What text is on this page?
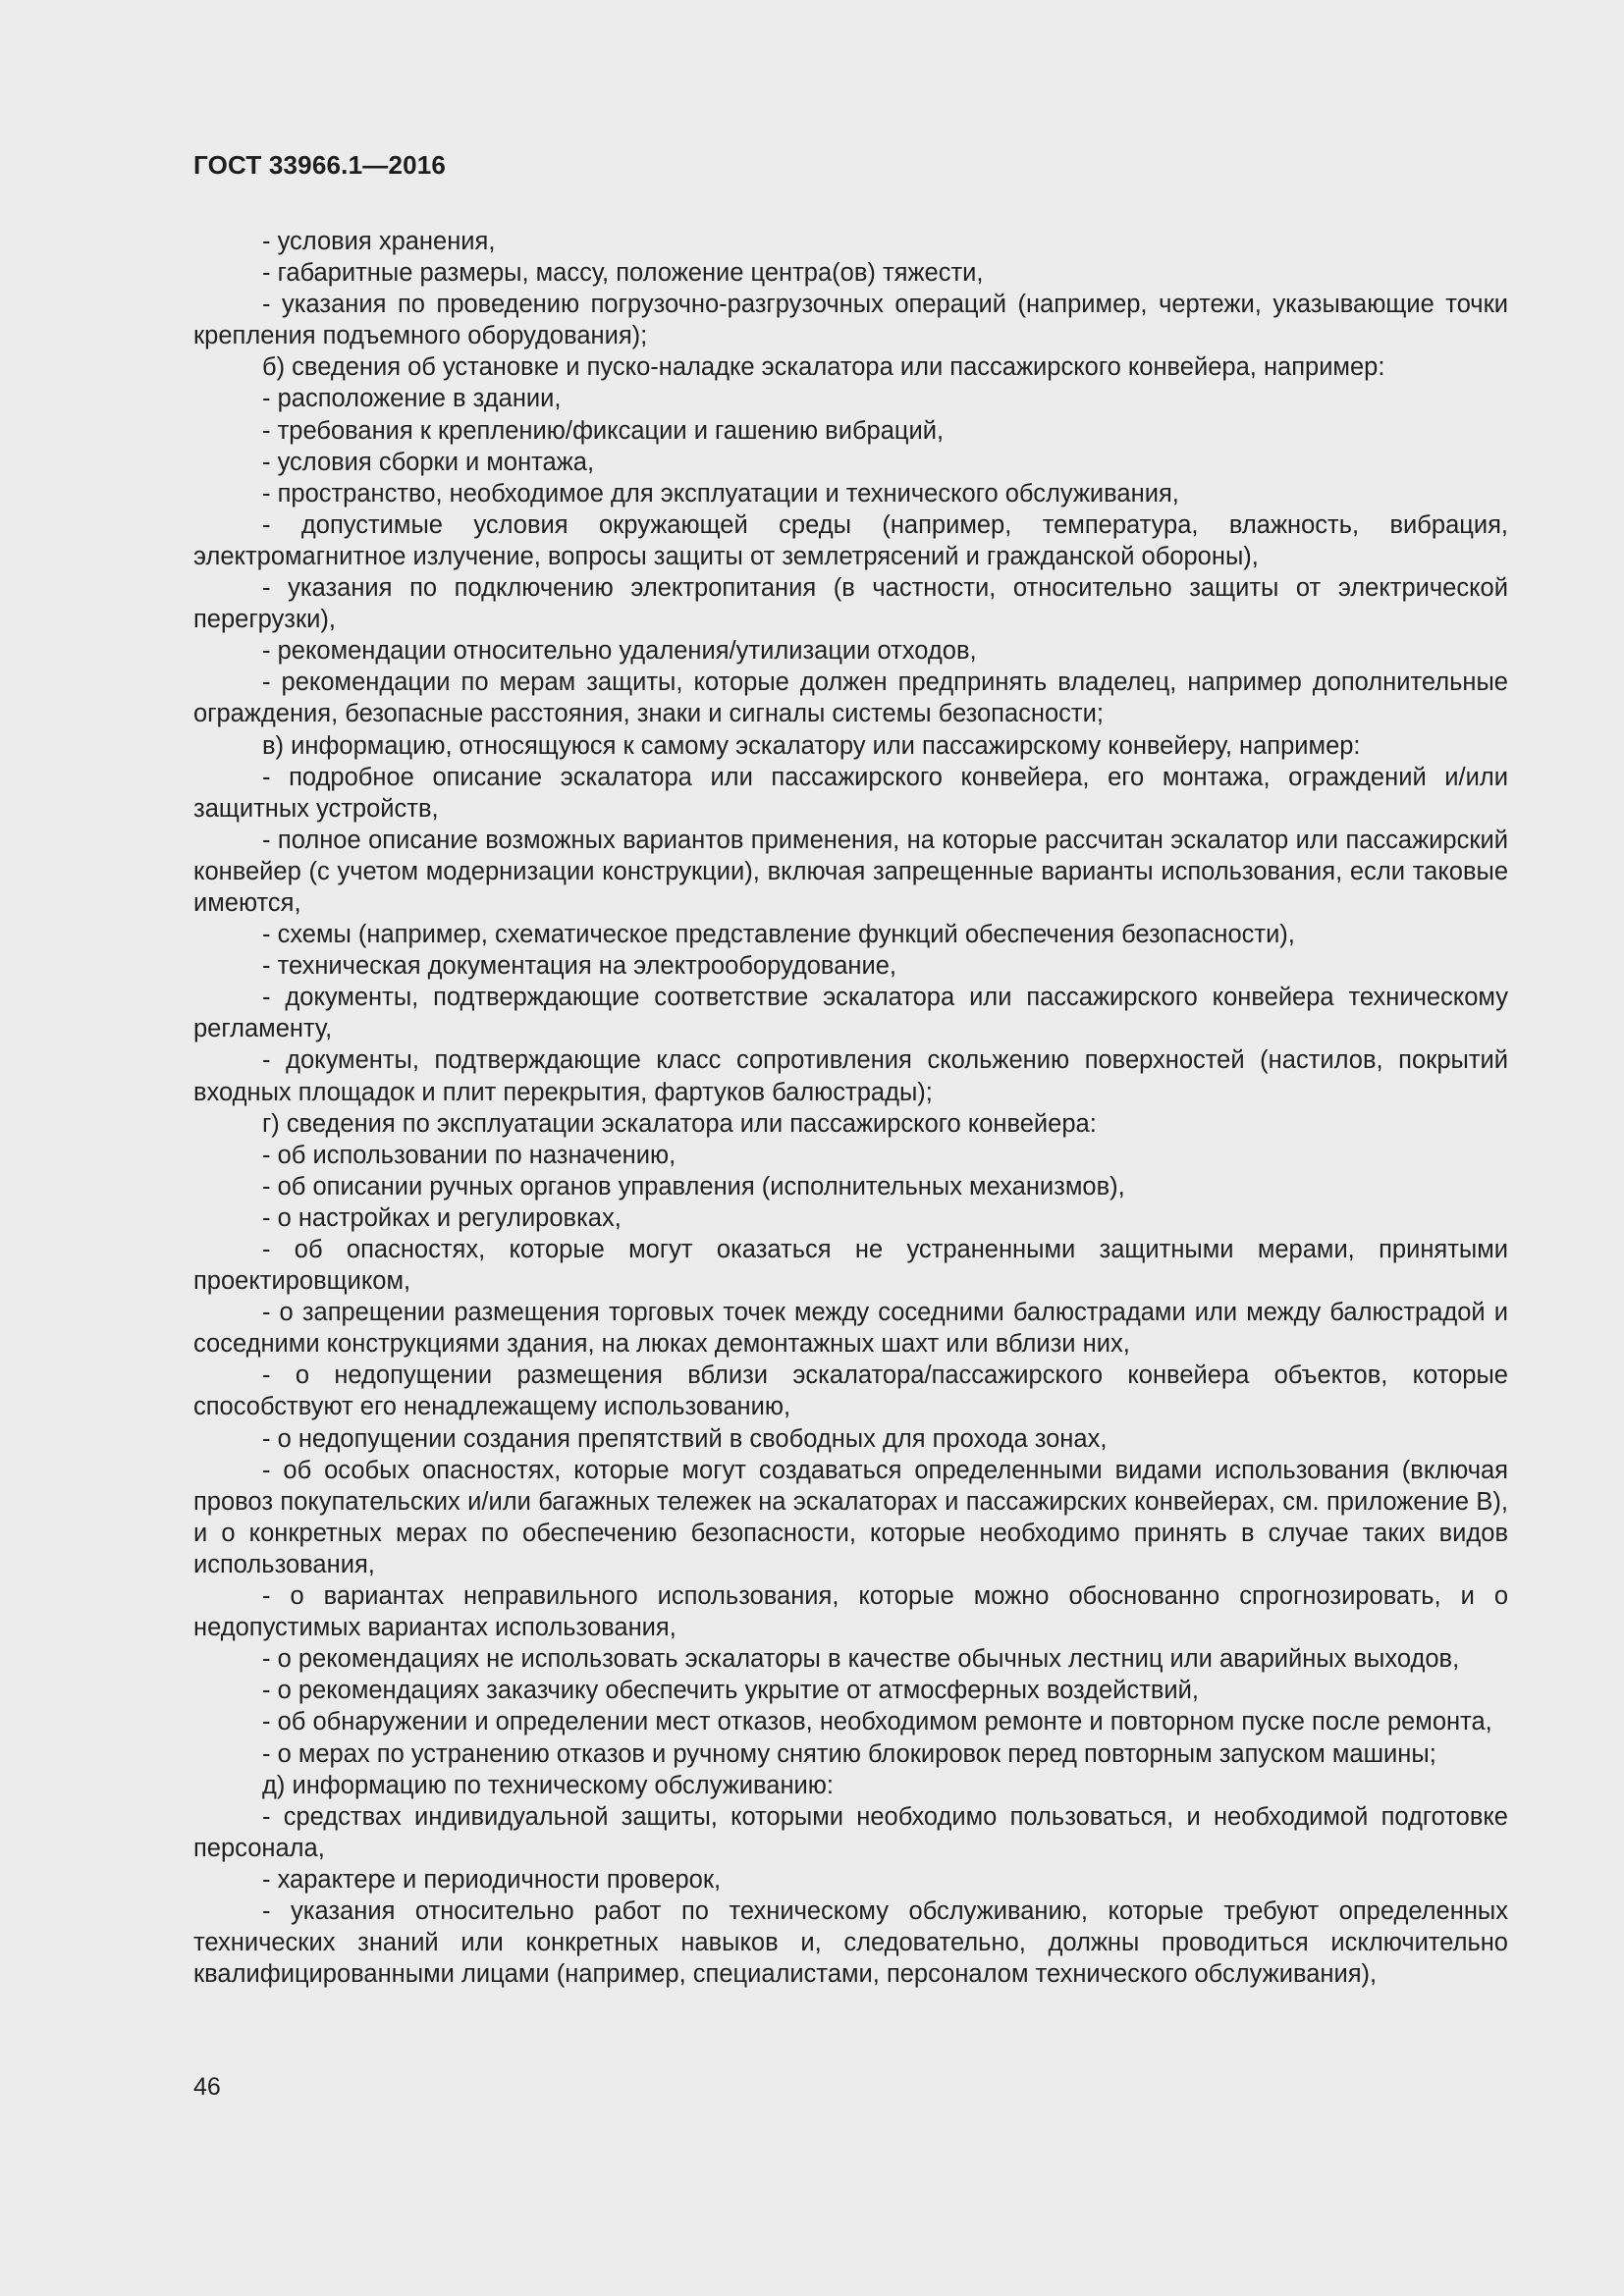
ГОСТ 33966.1—2016

- условия хранения,

- габаритные размеры, массу, положение центра(ов) тяжести,

- указания по проведению погрузочно-разгрузочных операций (например, чертежи, указывающие точки крепления подъемного оборудования);

б) сведения об установке и пуско-наладке эскалатора или пассажирского конвейера, например:

- расположение в здании,

- требования к креплению/фиксации и гашению вибраций,

- условия сборки и монтажа,

- пространство, необходимое для эксплуатации и технического обслуживания,

- допустимые условия окружающей среды (например, температура, влажность, вибрация, электромагнитное излучение, вопросы защиты от землетрясений и гражданской обороны),

- указания по подключению электропитания (в частности, относительно защиты от электрической перегрузки),

- рекомендации относительно удаления/утилизации отходов,

- рекомендации по мерам защиты, которые должен предпринять владелец, например дополнительные ограждения, безопасные расстояния, знаки и сигналы системы безопасности;

в) информацию, относящуюся к самому эскалатору или пассажирскому конвейеру, например:

- подробное описание эскалатора или пассажирского конвейера, его монтажа, ограждений и/или защитных устройств,

- полное описание возможных вариантов применения, на которые рассчитан эскалатор или пассажирский конвейер (с учетом модернизации конструкции), включая запрещенные варианты использования, если таковые имеются,

- схемы (например, схематическое представление функций обеспечения безопасности),

- техническая документация на электрооборудование,

- документы, подтверждающие соответствие эскалатора или пассажирского конвейера техническому регламенту,

- документы, подтверждающие класс сопротивления скольжению поверхностей (настилов, покрытий входных площадок и плит перекрытия, фартуков балюстрады);

г) сведения по эксплуатации эскалатора или пассажирского конвейера:

- об использовании по назначению,

- об описании ручных органов управления (исполнительных механизмов),

- о настройках и регулировках,

- об опасностях, которые могут оказаться не устраненными защитными мерами, принятыми проектировщиком,

- о запрещении размещения торговых точек между соседними балюстрадами или между балюстрадой и соседними конструкциями здания, на люках демонтажных шахт или вблизи них,

- о недопущении размещения вблизи эскалатора/пассажирского конвейера объектов, которые способствуют его ненадлежащему использованию,

- о недопущении создания препятствий в свободных для прохода зонах,

- об особых опасностях, которые могут создаваться определенными видами использования (включая провоз покупательских и/или багажных тележек на эскалаторах и пассажирских конвейерах, см. приложение В), и о конкретных мерах по обеспечению безопасности, которые необходимо принять в случае таких видов использования,

- о вариантах неправильного использования, которые можно обоснованно спрогнозировать, и о недопустимых вариантах использования,

- о рекомендациях не использовать эскалаторы в качестве обычных лестниц или аварийных выходов,

- о рекомендациях заказчику обеспечить укрытие от атмосферных воздействий,

- об обнаружении и определении мест отказов, необходимом ремонте и повторном пуске после ремонта,

- о мерах по устранению отказов и ручному снятию блокировок перед повторным запуском машины;

д) информацию по техническому обслуживанию:

- средствах индивидуальной защиты, которыми необходимо пользоваться, и необходимой подготовке персонала,

- характере и периодичности проверок,

- указания относительно работ по техническому обслуживанию, которые требуют определенных технических знаний или конкретных навыков и, следовательно, должны проводиться исключительно квалифицированными лицами (например, специалистами, персоналом технического обслуживания),

46
